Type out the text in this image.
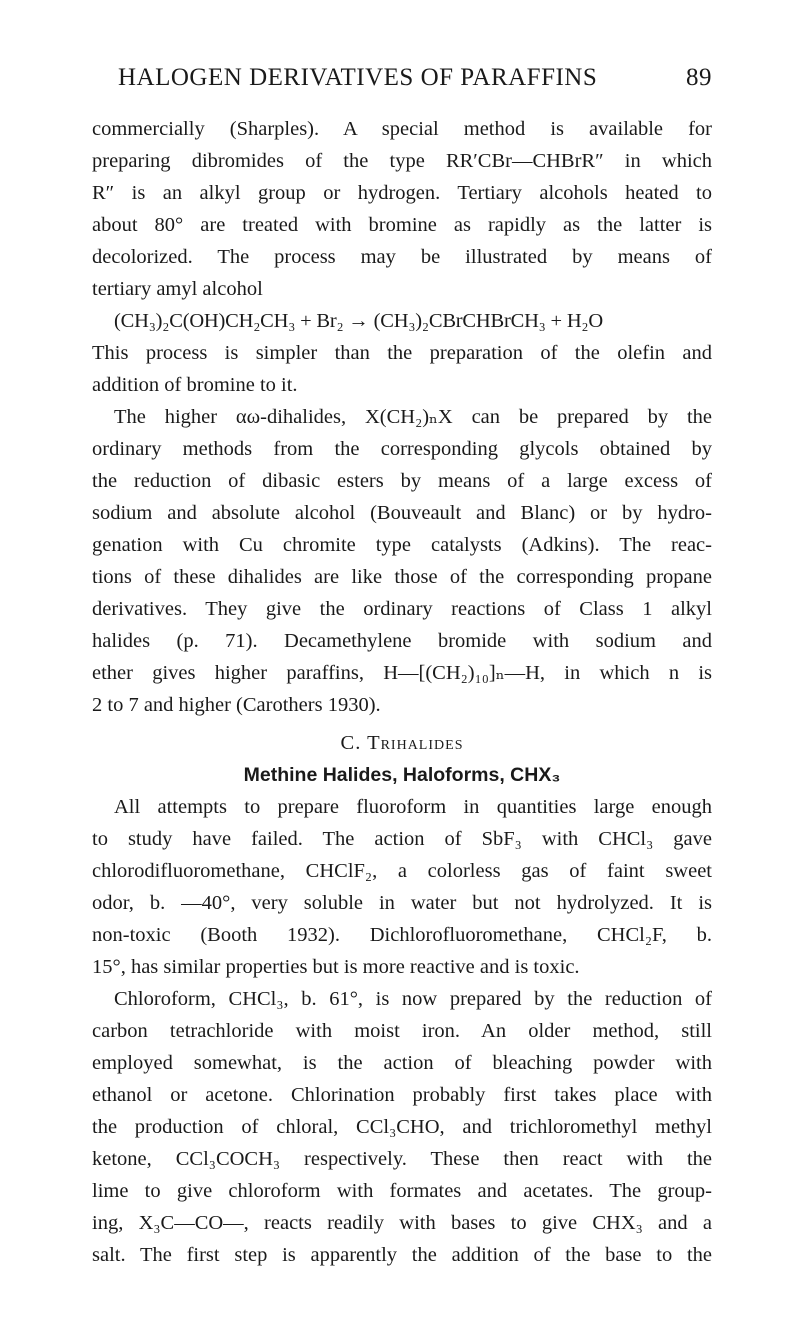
HALOGEN DERIVATIVES OF PARAFFINS	89
commercially (Sharples). A special method is available for
preparing dibromides of the type RR′CBr—CHBrR″ in which
R″ is an alkyl group or hydrogen. Tertiary alcohols heated to
about 80° are treated with bromine as rapidly as the latter is
decolorized. The process may be illustrated by means of
tertiary amyl alcohol
(CH₃)₂C(OH)CH₂CH₃ + Br₂ → (CH₃)₂CBrCHBrCH₃ + H₂O
This process is simpler than the preparation of the olefin and
addition of bromine to it.
The higher αω-dihalides, X(CH₂)ₙX can be prepared by the
ordinary methods from the corresponding glycols obtained by
the reduction of dibasic esters by means of a large excess of
sodium and absolute alcohol (Bouveault and Blanc) or by hydro-
genation with Cu chromite type catalysts (Adkins). The reac-
tions of these dihalides are like those of the corresponding propane
derivatives. They give the ordinary reactions of Class 1 alkyl
halides (p. 71). Decamethylene bromide with sodium and
ether gives higher paraffins, H—[(CH₂)₁₀]ₙ—H, in which n is
2 to 7 and higher (Carothers 1930).
C. Trihalides
Methine Halides, Haloforms, CHX₃
All attempts to prepare fluoroform in quantities large enough
to study have failed. The action of SbF₃ with CHCl₃ gave
chlorodifluoromethane, CHClF₂, a colorless gas of faint sweet
odor, b. —40°, very soluble in water but not hydrolyzed. It is
non-toxic (Booth 1932). Dichlorofluoromethane, CHCl₂F, b.
15°, has similar properties but is more reactive and is toxic.
Chloroform, CHCl₃, b. 61°, is now prepared by the reduction of
carbon tetrachloride with moist iron. An older method, still
employed somewhat, is the action of bleaching powder with
ethanol or acetone. Chlorination probably first takes place with
the production of chloral, CCl₃CHO, and trichloromethyl methyl
ketone, CCl₃COCH₃ respectively. These then react with the
lime to give chloroform with formates and acetates. The group-
ing, X₃C—CO—, reacts readily with bases to give CHX₃ and a
salt. The first step is apparently the addition of the base to the
